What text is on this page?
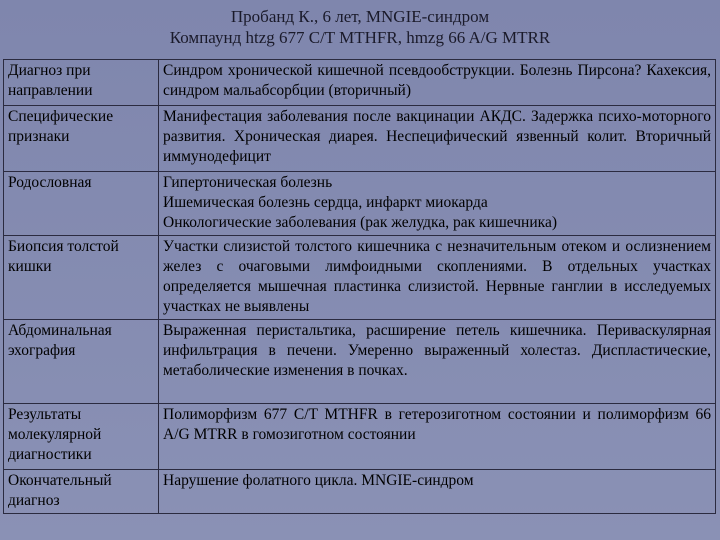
Пробанд К., 6 лет, MNGIE-синдром
Компаунд htzg 677 C/T MTHFR, hmzg 66 A/G MTRR
Диагноз при направлении	Синдром хронической кишечной псевдообструкции. Болезнь Пирсона? Кахексия, синдром мальабсорбции (вторичный)
Специфические признаки	Манифестация заболевания после вакцинации АКДС. Задержка психо-моторного развития. Хроническая диарея. Неспецифический язвенный колит. Вторичный иммунодефицит
Родословная	Гипертоническая болезнь
Ишемическая болезнь сердца, инфаркт миокарда
Онкологические заболевания (рак желудка, рак кишечника)

Биопсия толстой кишки	Участки слизистой толстого кишечника с незначительным отеком и ослизнением желез с очаговыми лимфоидными скоплениями. В отдельных участках определяется мышечная пластинка слизистой. Нервные ганглии в исследуемых участках не выявлены
Абдоминальная эхография	Выраженная перистальтика, расширение петель кишечника. Периваскулярная инфильтрация в печени. Умеренно выраженный холестаз. Диспластические, метаболические изменения в почках.
Результаты молекулярной диагностики	Полиморфизм 677 C/T MTHFR в гетерозиготном состоянии и полиморфизм 66 A/G MTRR в гомозиготном состоянии
Окончательный диагноз	Нарушение фолатного цикла. MNGIE-синдром
